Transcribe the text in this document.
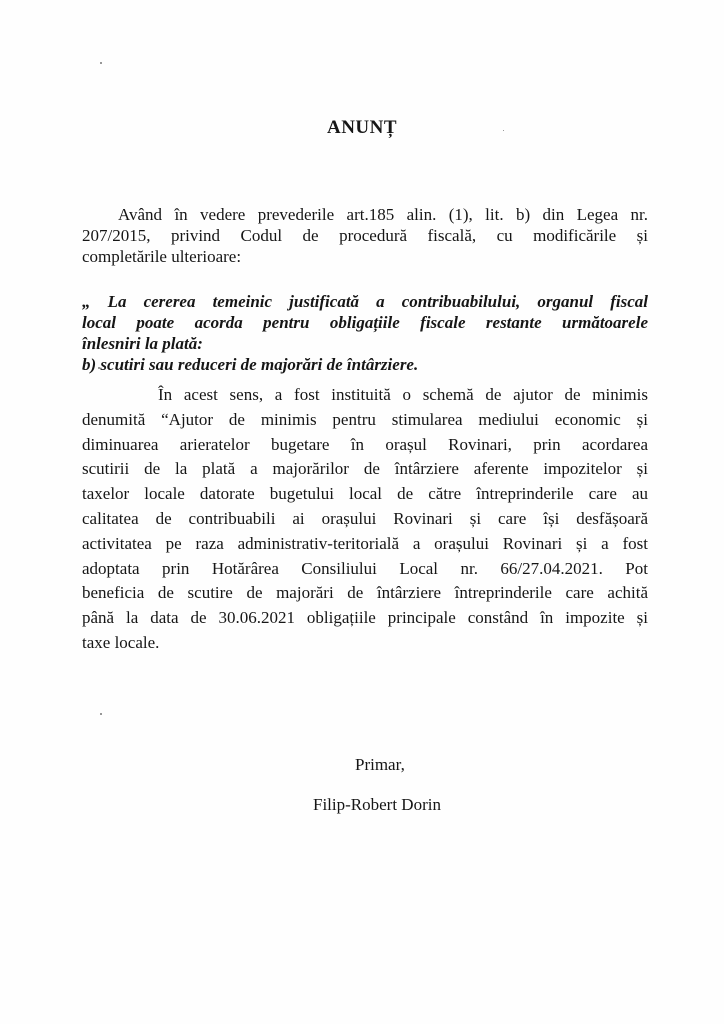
ANUNȚ
Având în vedere prevederile art.185 alin. (1), lit. b) din Legea nr.
207/2015, privind Codul de procedură fiscală, cu modificările și
completările ulterioare:
„ La cererea temeinic justificată a contribuabilului, organul fiscal
local poate acorda pentru obligațiile fiscale restante următoarele
înlesniri la plată:
b) scutiri sau reduceri de majorări de întârziere.
În acest sens, a fost instituită o schemă de ajutor de minimis
denumită “Ajutor de minimis pentru stimularea mediului economic și
diminuarea arieratelor bugetare în orașul Rovinari, prin acordarea
scutirii de la plată a majorărilor de întârziere aferente impozitelor și
taxelor locale datorate bugetului local de către întreprinderile care au
calitatea de contribuabili ai orașului Rovinari și care își desfășoară
activitatea pe raza administrativ-teritorială a orașului Rovinari și a fost
adoptata prin Hotărârea Consiliului Local nr. 66/27.04.2021. Pot
beneficia de scutire de majorări de întârziere întreprinderile care achită
până la data de 30.06.2021 obligațiile principale constând în impozite și
taxe locale.
Primar,
Filip-Robert Dorin
